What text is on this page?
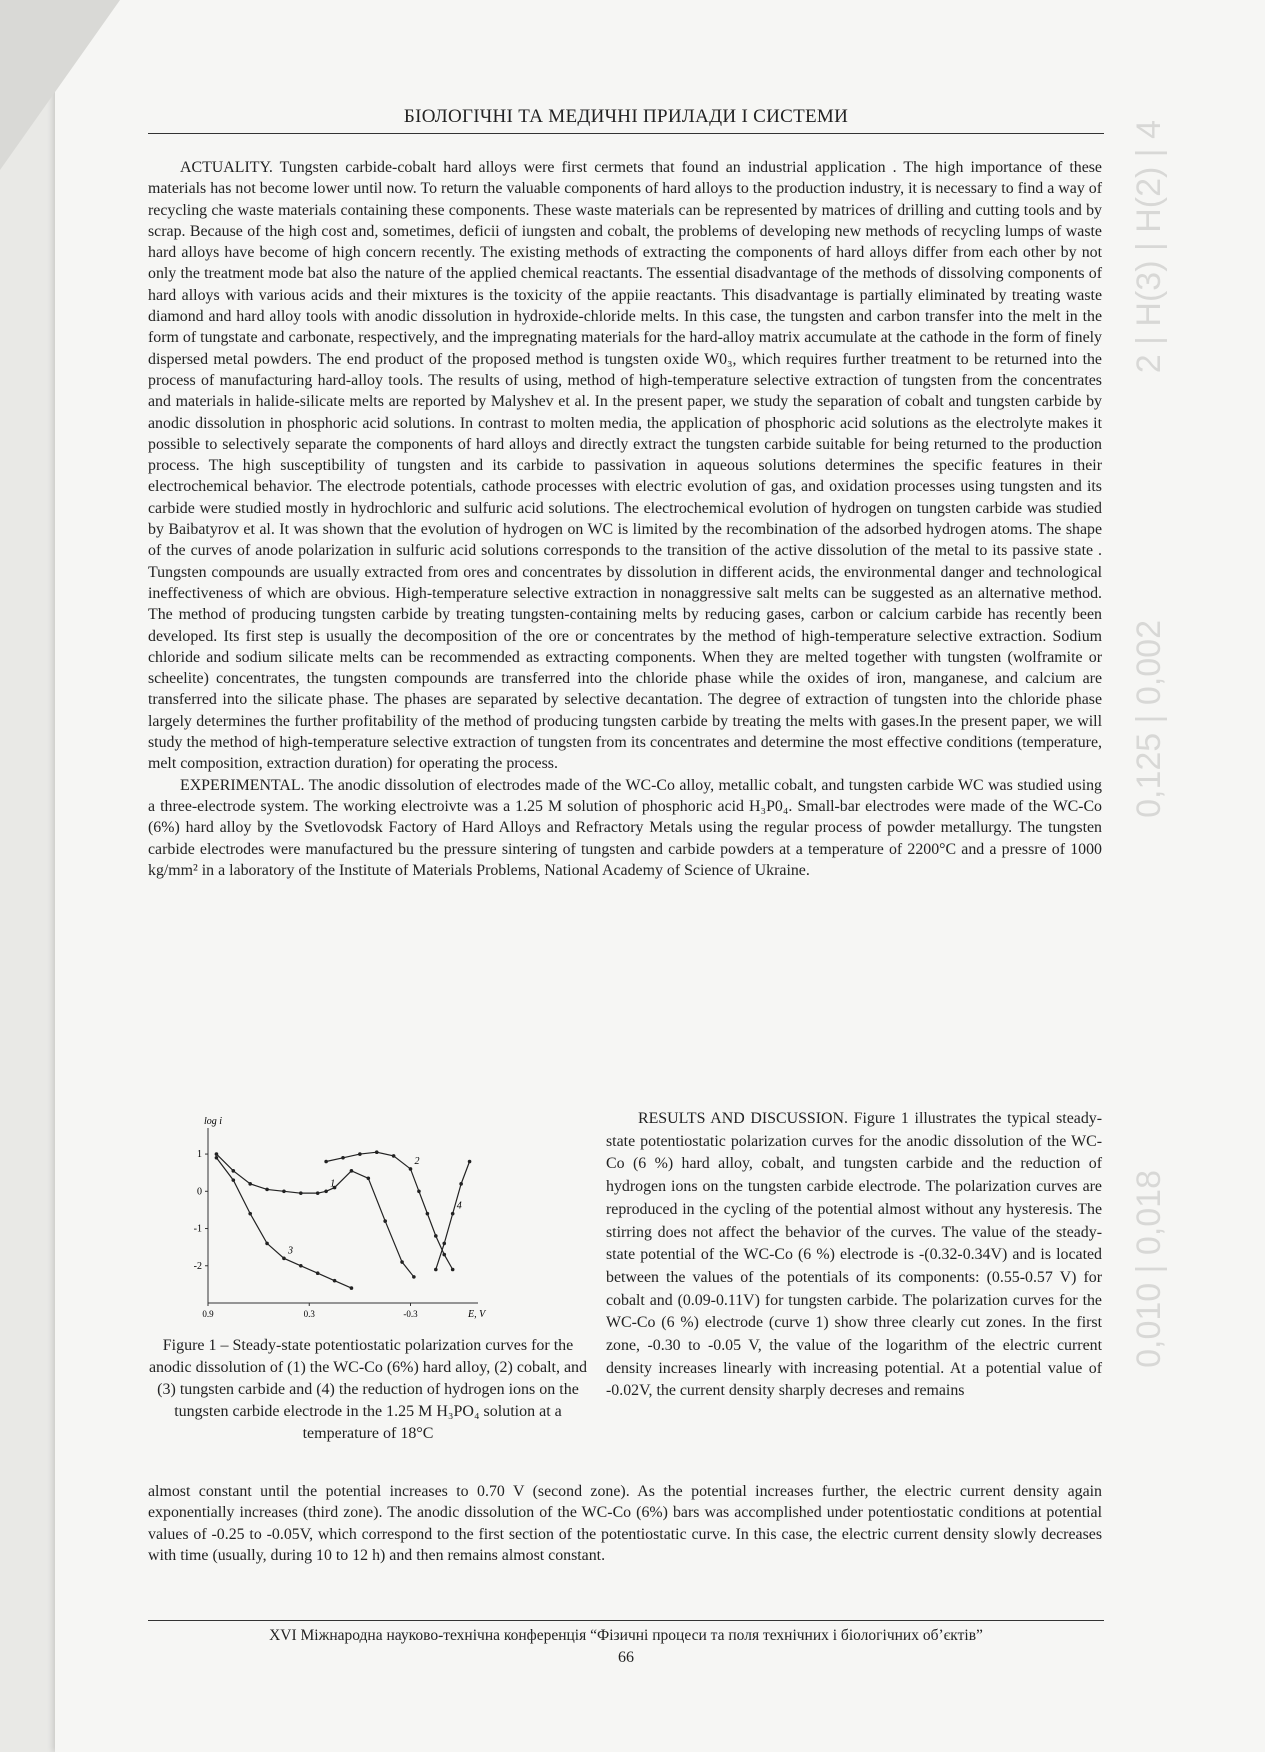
БІОЛОГІЧНІ ТА МЕДИЧНІ ПРИЛАДИ І СИСТЕМИ

ACTUALITY. Tungsten carbide-cobalt hard alloys were first cermets that found an industrial application . The high importance of these materials has not become lower until now. To return the valuable components of hard alloys to the production industry, it is necessary to find a way of recycling che waste materials containing these components. These waste materials can be represented by matrices of drilling and cutting tools and by scrap. Because of the high cost and, sometimes, deficii of iungsten and cobalt, the problems of developing new methods of recycling lumps of waste hard alloys have become of high concern recently. The existing methods of extracting the components of hard alloys differ from each other by not only the treatment mode bat also the nature of the applied chemical reactants. The essential disadvantage of the methods of dissolving components of hard alloys with various acids and their mixtures is the toxicity of the appiie reactants. This disadvantage is partially eliminated by treating waste diamond and hard alloy tools with anodic dissolution in hydroxide-chloride melts. In this case, the tungsten and carbon transfer into the melt in the form of tungstate and carbonate, respectively, and the impregnating materials for the hard-alloy matrix accumulate at the cathode in the form of finely dispersed metal powders. The end product of the proposed method is tungsten oxide W0₃, which requires further treatment to be returned into the process of manufacturing hard-alloy tools. The results of using, method of high-temperature selective extraction of tungsten from the concentrates and materials in halide-silicate melts are reported by Malyshev et al. In the present paper, we study the separation of cobalt and tungsten carbide by anodic dissolution in phosphoric acid solutions. In contrast to molten media, the application of phosphoric acid solutions as the electrolyte makes it possible to selectively separate the components of hard alloys and directly extract the tungsten carbide suitable for being returned to the production process. The high susceptibility of tungsten and its carbide to passivation in aqueous solutions determines the specific features in their electrochemical behavior. The electrode potentials, cathode processes with electric evolution of gas, and oxidation processes using tungsten and its carbide were studied mostly in hydrochloric and sulfuric acid solutions. The electrochemical evolution of hydrogen on tungsten carbide was studied by Baibatyrov et al. It was shown that the evolution of hydrogen on WC is limited by the recombination of the adsorbed hydrogen atoms. The shape of the curves of anode polarization in sulfuric acid solutions corresponds to the transition of the active dissolution of the metal to its passive state . Tungsten compounds are usually extracted from ores and concentrates by dissolution in different acids, the environmental danger and technological ineffectiveness of which are obvious. High-temperature selective extraction in nonaggressive salt melts can be suggested as an alternative method. The method of producing tungsten carbide by treating tungsten-containing melts by reducing gases, carbon or calcium carbide has recently been developed. Its first step is usually the decomposition of the ore or concentrates by the method of high-temperature selective extraction. Sodium chloride and sodium silicate melts can be recommended as extracting components. When they are melted together with tungsten (wolframite or scheelite) concentrates, the tungsten compounds are transferred into the chloride phase while the oxides of iron, manganese, and calcium are transferred into the silicate phase. The phases are separated by selective decantation. The degree of extraction of tungsten into the chloride phase largely determines the further profitability of the method of producing tungsten carbide by treating the melts with gases.In the present paper, we will study the method of high-temperature selective extraction of tungsten from its concentrates and determine the most effective conditions (temperature, melt composition, extraction duration) for operating the process.

EXPERIMENTAL. The anodic dissolution of electrodes made of the WC-Co alloy, metallic cobalt, and tungsten carbide WC was studied using a three-electrode system. The working electroivte was a 1.25 M solution of phosphoric acid H₃P0₄. Small-bar electrodes were made of the WC-Co (6%) hard alloy by the Svetlovodsk Factory of Hard Alloys and Refractory Metals using the regular process of powder metallurgy. The tungsten carbide electrodes were manufactured bu the pressure sintering of tungsten and carbide powders at a temperature of 2200°C and a pressre of 1000 kg/mm² in a laboratory of the Institute of Materials Problems, National Academy of Science of Ukraine.

log i
E, V
1
0
-1
-2
0.9	0.3	-0.3
1
2
3
4
Figure 1 – Steady-state potentiostatic polarization curves for the anodic dissolution of (1) the WC-Co (6%) hard alloy, (2) cobalt, and (3) tungsten carbide and (4) the reduction of hydrogen ions on the tungsten carbide electrode in the 1.25 M H₃PO₄ solution at a temperature of 18°C

RESULTS AND DISCUSSION. Figure 1 illustrates the typical steady-state potentiostatic polarization curves for the anodic dissolution of the WC-Co (6 %) hard alloy, cobalt, and tungsten carbide and the reduction of hydrogen ions on the tungsten carbide electrode. The polarization curves are reproduced in the cycling of the potential almost without any hysteresis. The stirring does not affect the behavior of the curves. The value of the steady-state potential of the WC-Co (6 %) electrode is -(0.32-0.34V) and is located between the values of the potentials of its components: (0.55-0.57 V) for cobalt and (0.09-0.11V) for tungsten carbide. The polarization curves for the WC-Co (6 %) electrode (curve 1) show three clearly cut zones. In the first zone, -0.30 to -0.05 V, the value of the logarithm of the electric current density increases linearly with increasing potential. At a potential value of -0.02V, the current density sharply decreses and remains

almost constant until the potential increases to 0.70 V (second zone). As the potential increases further, the electric current density again exponentially increases (third zone). The anodic dissolution of the WC-Co (6%) bars was accomplished under potentiostatic conditions at potential values of -0.25 to -0.05V, which correspond to the first section of the potentiostatic curve. In this case, the electric current density slowly decreases with time (usually, during 10 to 12 h) and then remains almost constant.

XVI Міжнародна науково-технічна конференція “Фізичні процеси та поля технічних і біологічних об’єктів”
66
